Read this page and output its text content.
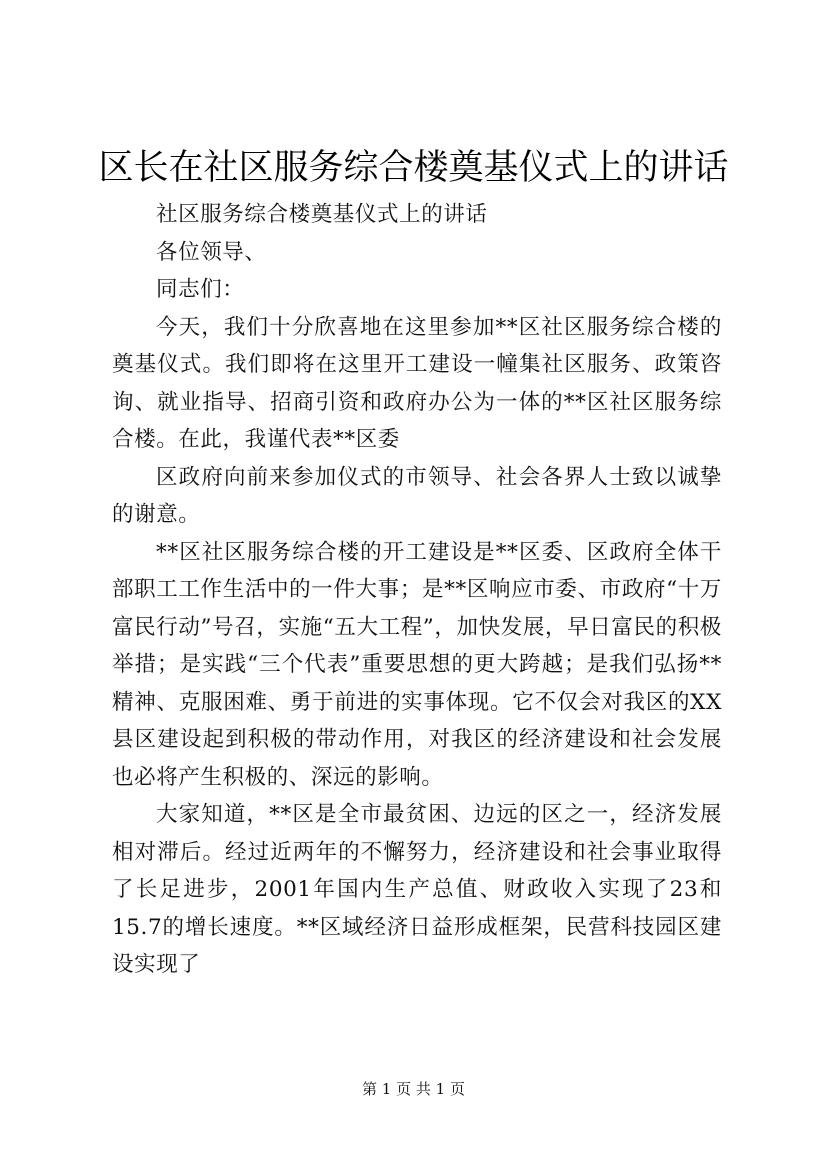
区长在社区服务综合楼奠基仪式上的讲话

社区服务综合楼奠基仪式上的讲话

各位领导、

同志们：

今天，我们十分欣喜地在这里参加**区社区服务综合楼的奠基仪式。我们即将在这里开工建设一幢集社区服务、政策咨询、就业指导、招商引资和政府办公为一体的**区社区服务综合楼。在此，我谨代表**区委

区政府向前来参加仪式的市领导、社会各界人士致以诚挚的谢意。

**区社区服务综合楼的开工建设是**区委、区政府全体干部职工工作生活中的一件大事；是**区响应市委、市政府“十万富民行动”号召，实施“五大工程”，加快发展，早日富民的积极举措；是实践“三个代表”重要思想的更大跨越；是我们弘扬**精神、克服困难、勇于前进的实事体现。它不仅会对我区的XX县区建设起到积极的带动作用，对我区的经济建设和社会发展也必将产生积极的、深远的影响。

大家知道，**区是全市最贫困、边远的区之一，经济发展相对滞后。经过近两年的不懈努力，经济建设和社会事业取得了长足进步，2001年国内生产总值、财政收入实现了23和15.7的增长速度。**区域经济日益形成框架，民营科技园区建设实现了

第 1 页 共 1 页
